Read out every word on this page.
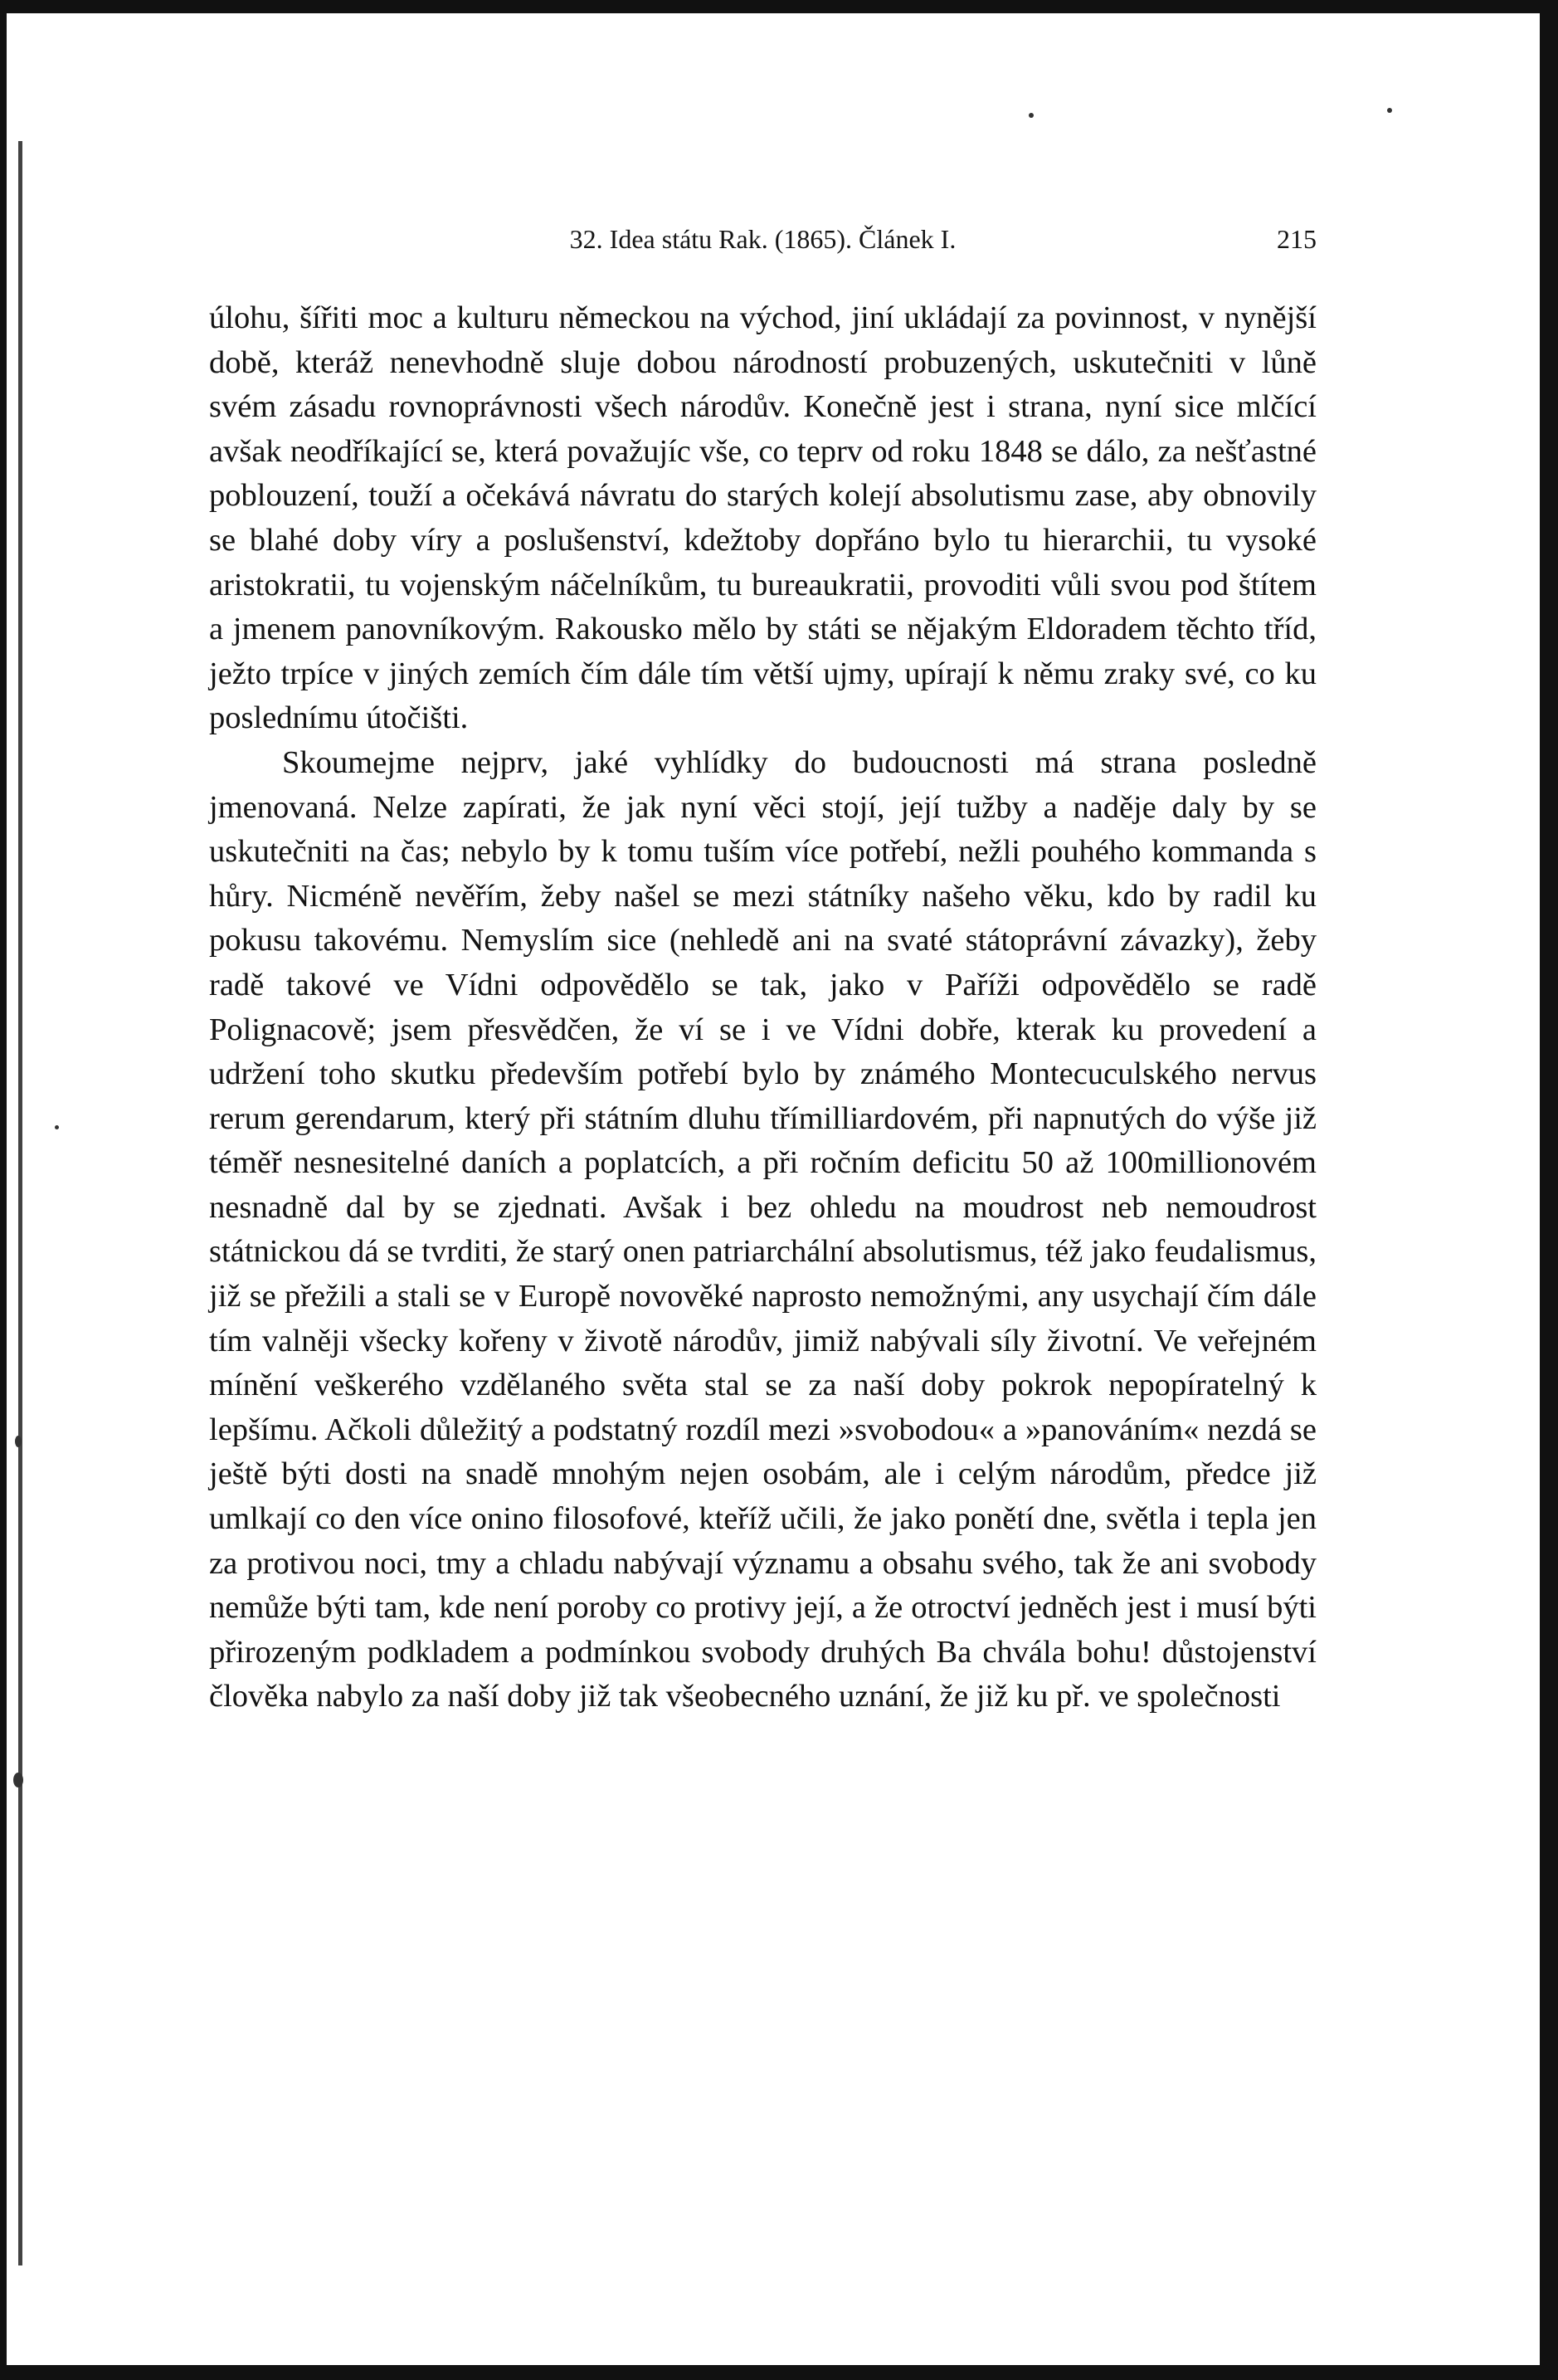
32. Idea státu Rak. (1865). Článek I.	215

úlohu, šířiti moc a kulturu německou na východ, jiní ukládají za povinnost, v nynější době, kteráž nenevhodně sluje dobou národností probuzených, uskutečniti v lůně svém zásadu rovnoprávnosti všech národův. Konečně jest i strana, nyní sice mlčící avšak neodříkající se, která považujíc vše, co teprv od roku 1848 se dálo, za nešťastné poblouzení, touží a očekává návratu do starých kolejí absolutismu zase, aby obnovily se blahé doby víry a poslušenství, kdežtoby dopřáno bylo tu hierarchii, tu vysoké aristokratii, tu vojenským náčelníkům, tu bureaukratii, provoditi vůli svou pod štítem a jmenem panovníkovým. Rakousko mělo by státi se nějakým Eldoradem těchto tříd, ježto trpíce v jiných zemích čím dále tím větší ujmy, upírají k němu zraky své, co ku poslednímu útočišti.

Skoumejme nejprv, jaké vyhlídky do budoucnosti má strana posledně jmenovaná. Nelze zapírati, že jak nyní věci stojí, její tužby a naděje daly by se uskutečniti na čas; nebylo by k tomu tuším více potřebí, nežli pouhého kommanda s hůry. Nicméně nevěřím, žeby našel se mezi státníky našeho věku, kdo by radil ku pokusu takovému. Nemyslím sice (nehledě ani na svaté státoprávní závazky), žeby radě takové ve Vídni odpovědělo se tak, jako v Paříži odpovědělo se radě Polignacově; jsem přesvědčen, že ví se i ve Vídni dobře, kterak ku provedení a udržení toho skutku především potřebí bylo by známého Montecuculského nervus rerum gerendarum, který při státním dluhu třímilliardovém, při napnutých do výše již téměř nesnesitelné daních a poplatcích, a při ročním deficitu 50 až 100millionovém nesnadně dal by se zjednati. Avšak i bez ohledu na moudrost neb nemoudrost státnickou dá se tvrditi, že starý onen patriarchální absolutismus, též jako feudalismus, již se přežili a stali se v Europě novověké naprosto nemožnými, any usychají čím dále tím valněji všecky kořeny v životě národův, jimiž nabývali síly životní. Ve veřejném mínění veškerého vzdělaného světa stal se za naší doby pokrok nepopíratelný k lepšímu. Ačkoli důležitý a podstatný rozdíl mezi »svobodou« a »panováním« nezdá se ještě býti dosti na snadě mnohým nejen osobám, ale i celým národům, předce již umlkají co den více onino filosofové, kteříž učili, že jako ponětí dne, světla i tepla jen za protivou noci, tmy a chladu nabývají významu a obsahu svého, tak že ani svobody nemůže býti tam, kde není poroby co protivy její, a že otroctví jedněch jest i musí býti přirozeným podkladem a podmínkou svobody druhých Ba chvála bohu! důstojenství člověka nabylo za naší doby již tak všeobecného uznání, že již ku př. ve společnosti
